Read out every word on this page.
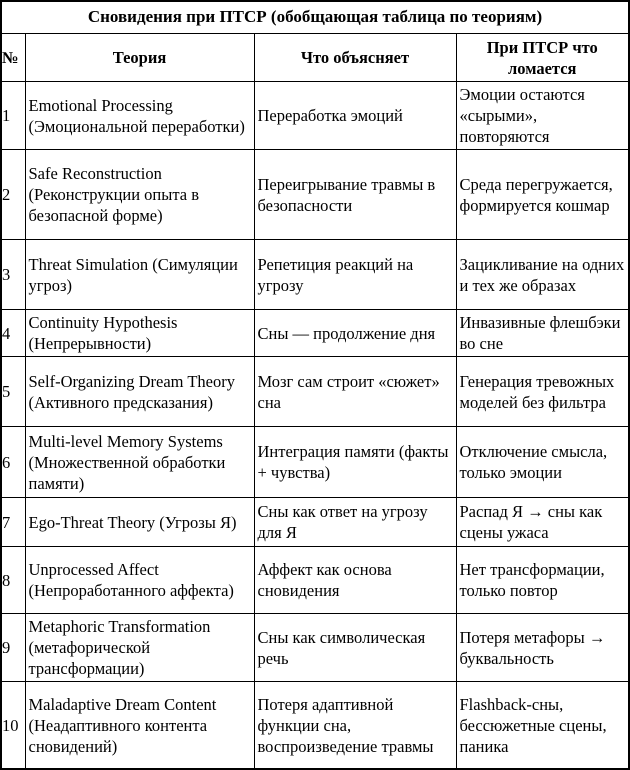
Сновидения при ПТСР (обобщающая таблица по теориям)
№	Теория	Что объясняет	При ПТСР что ломается

1	Emotional Processing (Эмоциональной переработки)	Переработка эмоций	Эмоции остаются «сырыми», повторяются

2	Safe Reconstruction (Реконструкции опыта в безопасной форме)	Переигрывание травмы в безопасности	Среда перегружается, формируется кошмар

3	Threat Simulation (Симуляции угроз)	Репетиция реакций на угрозу	Зацикливание на одних и тех же образах

4	Continuity Hypothesis (Непрерывности)	Сны — продолжение дня	Инвазивные флешбэки во сне

5	Self-Organizing Dream Theory (Активного предсказания)	Мозг сам строит «сюжет» сна	Генерация тревожных моделей без фильтра

6	Multi-level Memory Systems (Множественной обработки памяти)	Интеграция памяти (факты + чувства)	Отключение смысла, только эмоции

7	Ego-Threat Theory (Угрозы Я)	Сны как ответ на угрозу для Я	Распад Я → сны как сцены ужаса

8	Unprocessed Affect (Непроработанного аффекта)	Аффект как основа сновидения	Нет трансформации, только повтор

9	Metaphoric Transformation (метафорической трансформации)	Сны как символическая речь	Потеря метафоры → буквальность

10	Maladaptive Dream Content (Неадаптивного контента сновидений)	Потеря адаптивной функции сна, воспроизведение травмы	Flashback-сны, бессюжетные сцены, паника
